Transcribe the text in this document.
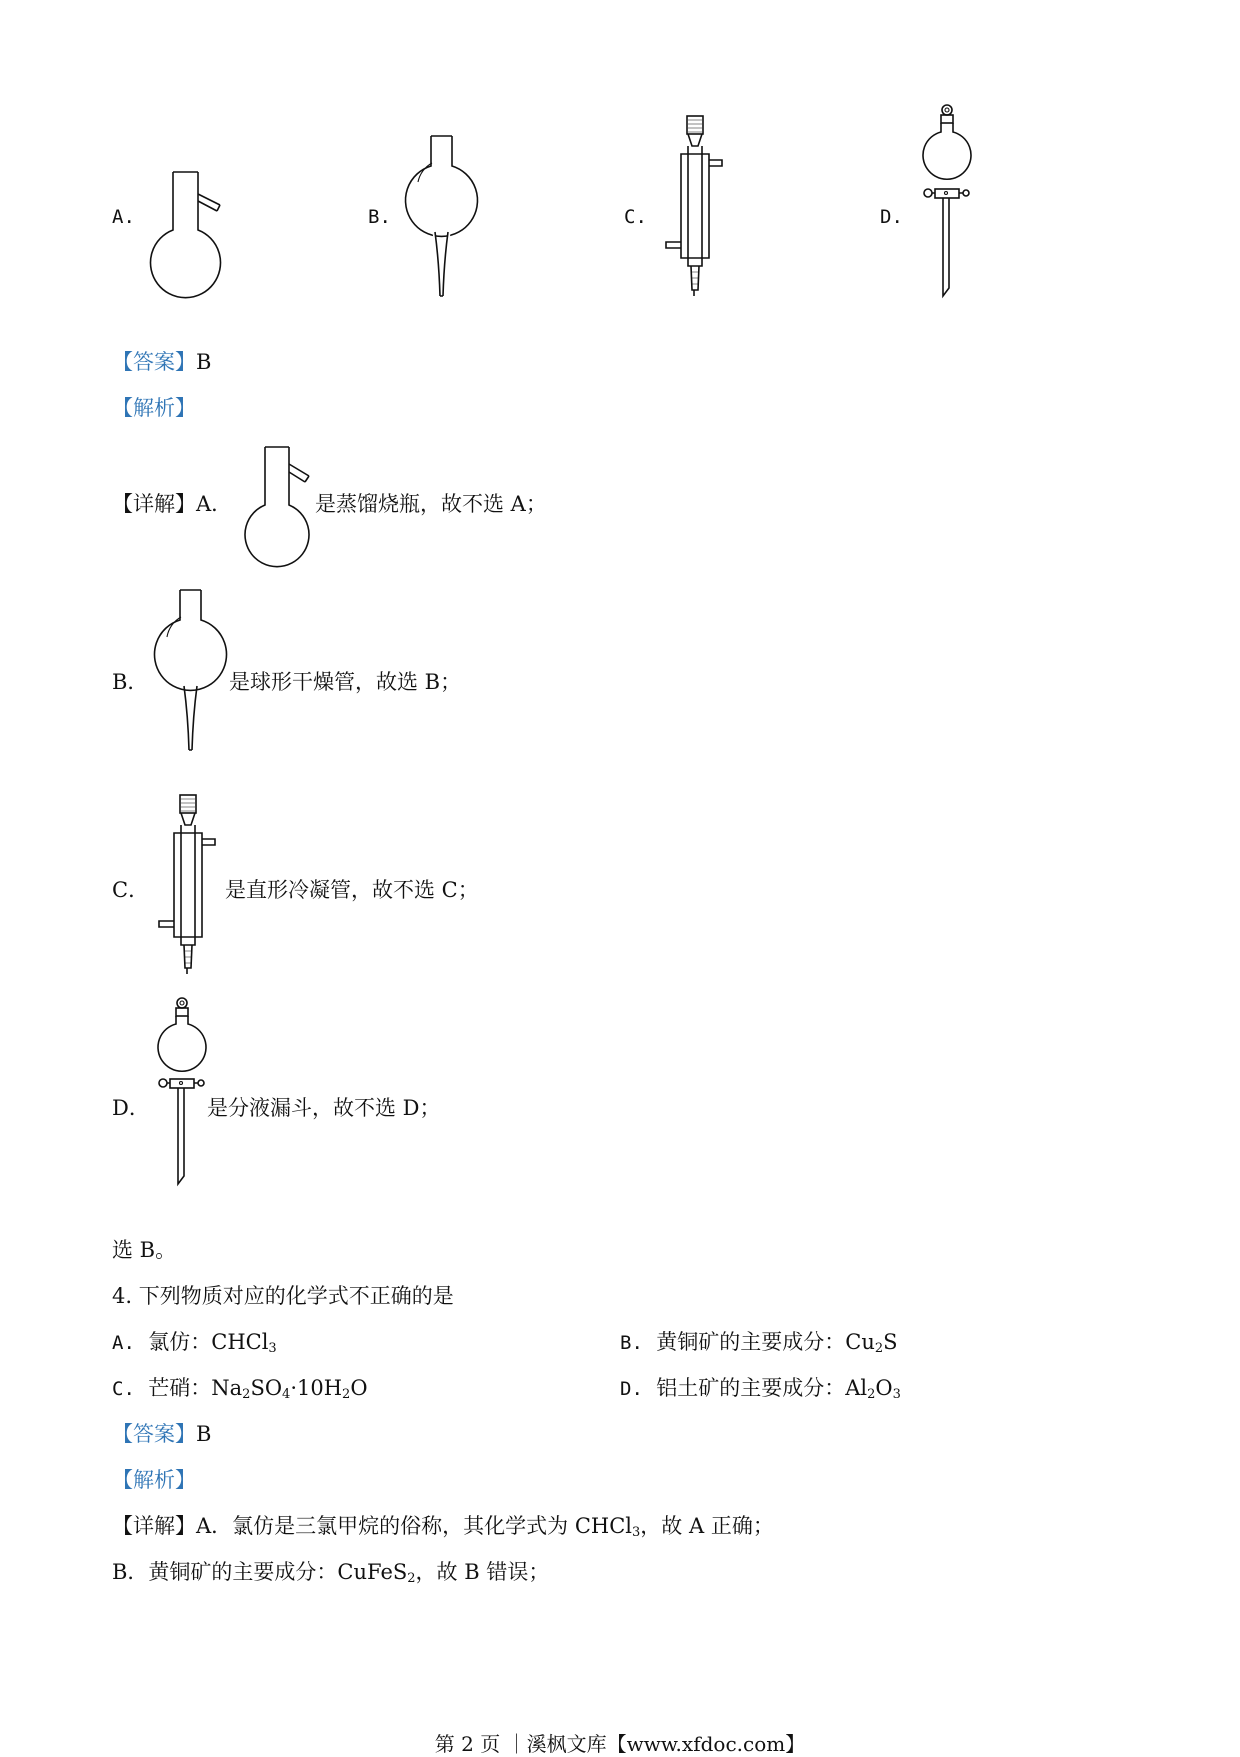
A.	B.	C.	D.
【答案】B
【解析】
【详解】A．	是蒸馏烧瓶，故不选 A；
B．	是球形干燥管，故选 B；
C．	是直形冷凝管，故不选 C；
D．	是分液漏斗，故不选 D；
选 B。
4. 下列物质对应的化学式不正确的是
A. 氯仿：CHCl$_3$	B. 黄铜矿的主要成分：$Cu_2S$
C. 芒硝：$Na_2SO_4\cdot 10H_2O$	D. 铝土矿的主要成分：$Al_2O_3$
【答案】B
【解析】
【详解】A．氯仿是三氯甲烷的俗称，其化学式为 CHCl$_3$，故 A 正确；
B．黄铜矿的主要成分：CuFeS$_2$，故 B 错误；
第 2 页 ｜溪枫文库【www.xfdoc.com】
